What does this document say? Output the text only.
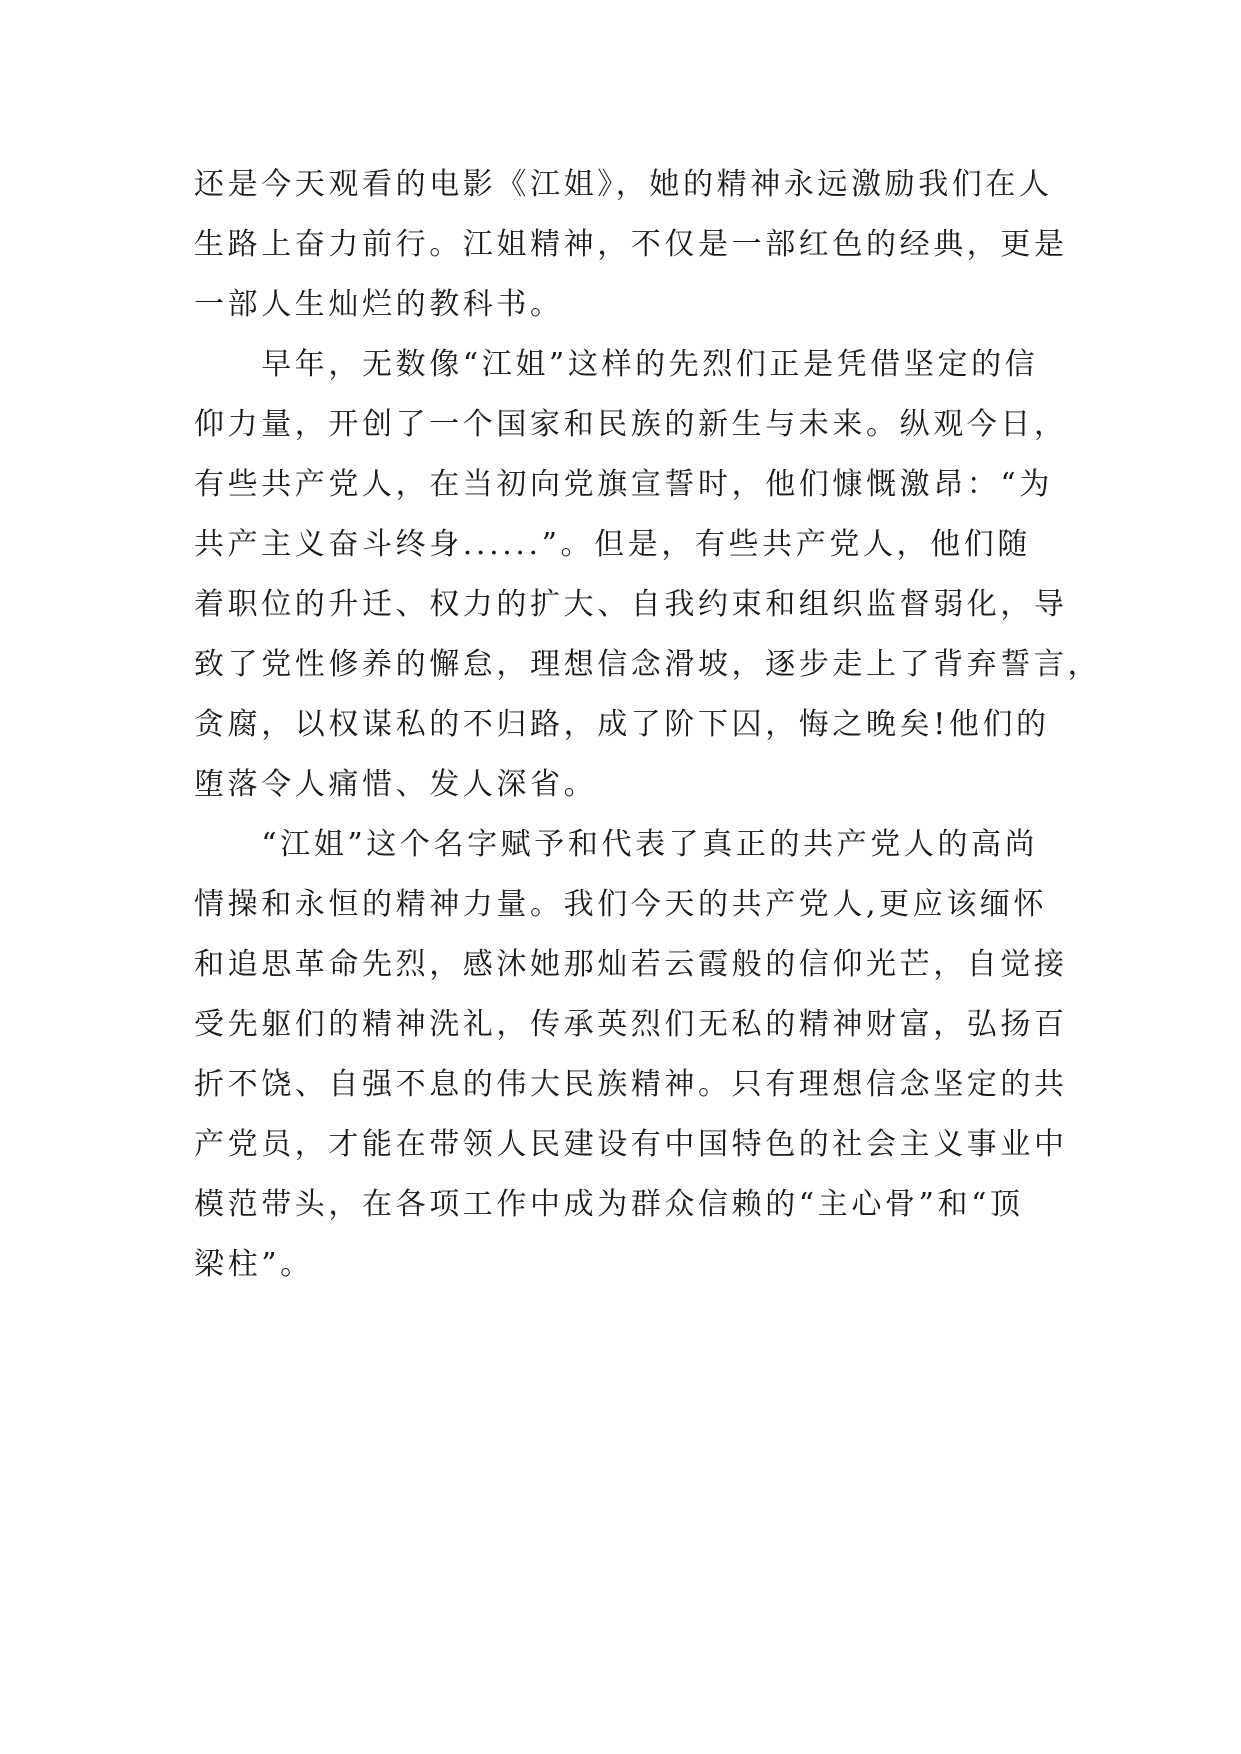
还是今天观看的电影《江姐》，她的精神永远激励我们在人
生路上奋力前行。江姐精神，不仅是一部红色的经典，更是
一部人生灿烂的教科书。
　　早年，无数像“江姐”这样的先烈们正是凭借坚定的信
仰力量，开创了一个国家和民族的新生与未来。纵观今日，
有些共产党人，在当初向党旗宣誓时，他们慷慨激昂：“为
共产主义奋斗终身......”。但是，有些共产党人，他们随
着职位的升迁、权力的扩大、自我约束和组织监督弱化，导
致了党性修养的懈怠，理想信念滑坡，逐步走上了背弃誓言，
贪腐，以权谋私的不归路，成了阶下囚，悔之晚矣!他们的
堕落令人痛惜、发人深省。
　　“江姐”这个名字赋予和代表了真正的共产党人的高尚
情操和永恒的精神力量。我们今天的共产党人,更应该缅怀
和追思革命先烈，感沐她那灿若云霞般的信仰光芒，自觉接
受先躯们的精神洗礼，传承英烈们无私的精神财富，弘扬百
折不饶、自强不息的伟大民族精神。只有理想信念坚定的共
产党员，才能在带领人民建设有中国特色的社会主义事业中
模范带头，在各项工作中成为群众信赖的“主心骨”和“顶
梁柱”。
